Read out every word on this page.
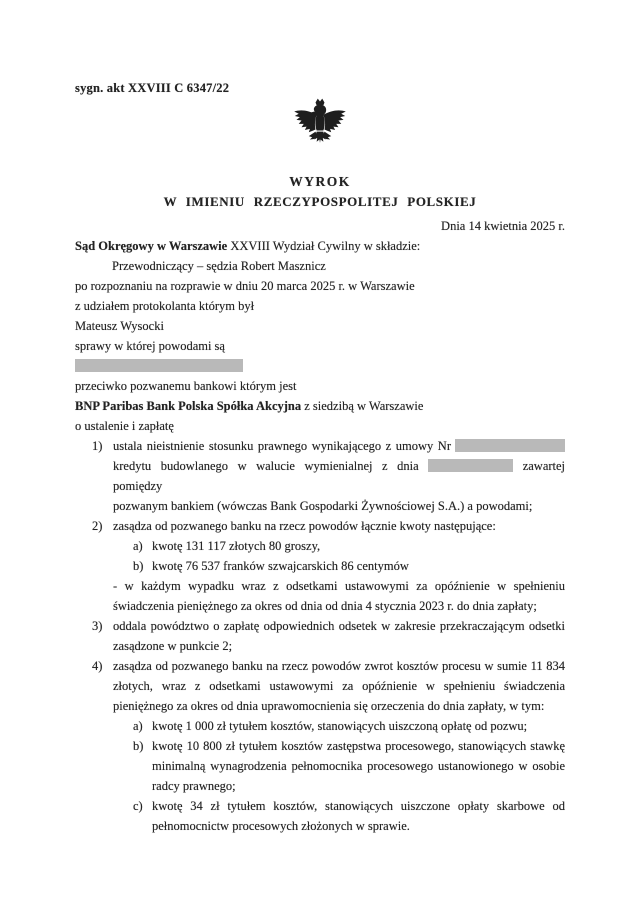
sygn. akt XXVIII C 6347/22
WYROK
W IMIENIU RZECZYPOSPOLITEJ POLSKIEJ
Dnia 14 kwietnia 2025 r.

Sąd Okręgowy w Warszawie XXVIII Wydział Cywilny w składzie:

Przewodniczący – sędzia Robert Masznicz

po rozpoznaniu na rozprawie w dniu 20 marca 2025 r. w Warszawie

z udziałem protokolanta którym był

Mateusz Wysocki

sprawy w której powodami są

przeciwko pozwanemu bankowi którym jest

BNP Paribas Bank Polska Spółka Akcyjna z siedzibą w Warszawie

o ustalenie i zapłatę

1) ustala nieistnienie stosunku prawnego wynikającego z umowy Nr
kredytu budowlanego w walucie wymienialnej z dnia	zawartej pomiędzy
pozwanym bankiem (wówczas Bank Gospodarki Żywnościowej S.A.) a powodami;
2) zasądza od pozwanego banku na rzecz powodów łącznie kwoty następujące:
a) kwotę 131 117 złotych 80 groszy,
b) kwotę 76 537 franków szwajcarskich 86 centymów
- w każdym wypadku wraz z odsetkami ustawowymi za opóźnienie w spełnieniu świadczenia pieniężnego za okres od dnia od dnia 4 stycznia 2023 r. do dnia zapłaty;
3) oddala powództwo o zapłatę odpowiednich odsetek w zakresie przekraczającym odsetki zasądzone w punkcie 2;
4) zasądza od pozwanego banku na rzecz powodów zwrot kosztów procesu w sumie 11 834 złotych, wraz z odsetkami ustawowymi za opóźnienie w spełnieniu świadczenia pieniężnego za okres od dnia uprawomocnienia się orzeczenia do dnia zapłaty, w tym:
a) kwotę 1 000 zł tytułem kosztów, stanowiących uiszczoną opłatę od pozwu;
b) kwotę 10 800 zł tytułem kosztów zastępstwa procesowego, stanowiących stawkę minimalną wynagrodzenia pełnomocnika procesowego ustanowionego w osobie radcy prawnego;
c) kwotę 34 zł tytułem kosztów, stanowiących uiszczone opłaty skarbowe od pełnomocnictw procesowych złożonych w sprawie.
